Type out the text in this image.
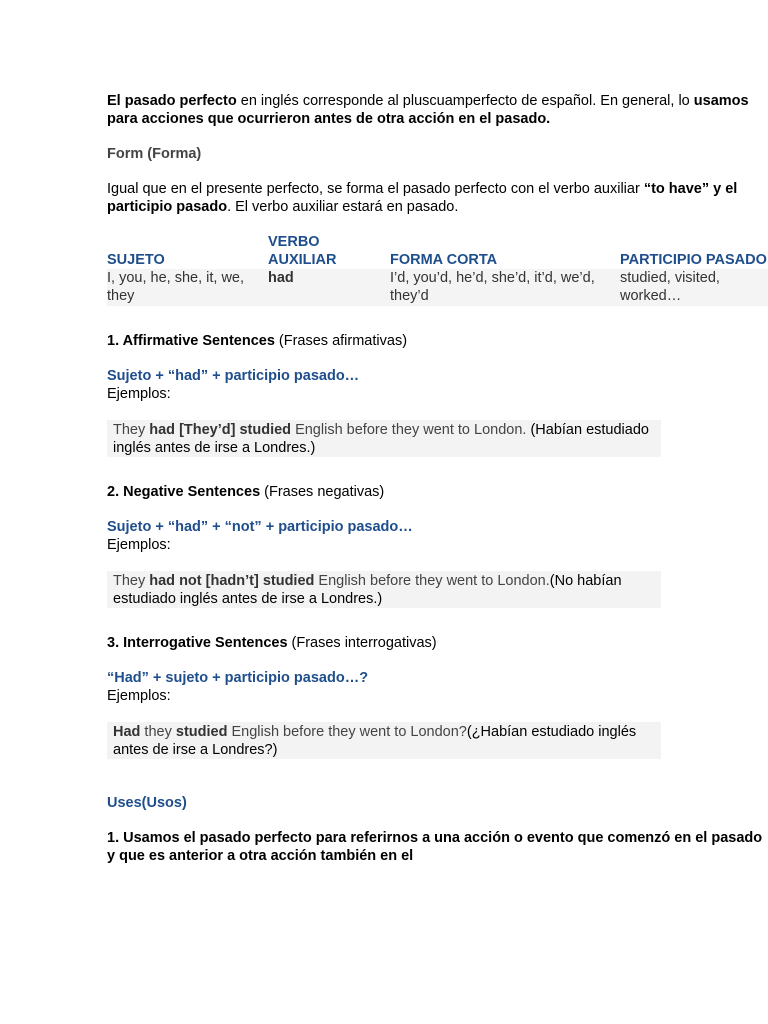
El pasado perfecto en inglés corresponde al pluscuamperfecto de español. En general, lo usamos para acciones que ocurrieron antes de otra acción en el pasado.

Form (Forma)

Igual que en el presente perfecto, se forma el pasado perfecto con el verbo auxiliar “to have” y el participio pasado. El verbo auxiliar estará en pasado.

SUJETO	VERBO AUXILIAR	FORMA CORTA	PARTICIPIO PASADO
I, you, he, she, it, we, they	had	I’d, you’d, he’d, she’d, it’d, we’d, they’d	studied, visited, worked…

1. Affirmative Sentences (Frases afirmativas)

Sujeto + “had” + participio pasado…

Ejemplos:

They had [They’d] studied English before they went to London. (Habían estudiado inglés antes de irse a Londres.)

2. Negative Sentences (Frases negativas)

Sujeto + “had” + “not” + participio pasado…

Ejemplos:

They had not [hadn’t] studied English before they went to London.(No habían estudiado inglés antes de irse a Londres.)

3. Interrogative Sentences (Frases interrogativas)

“Had” + sujeto + participio pasado…?

Ejemplos:

Had they studied English before they went to London?(¿Habían estudiado inglés antes de irse a Londres?)

Uses(Usos)

1. Usamos el pasado perfecto para referirnos a una acción o evento que comenzó en el pasado y que es anterior a otra acción también en el
